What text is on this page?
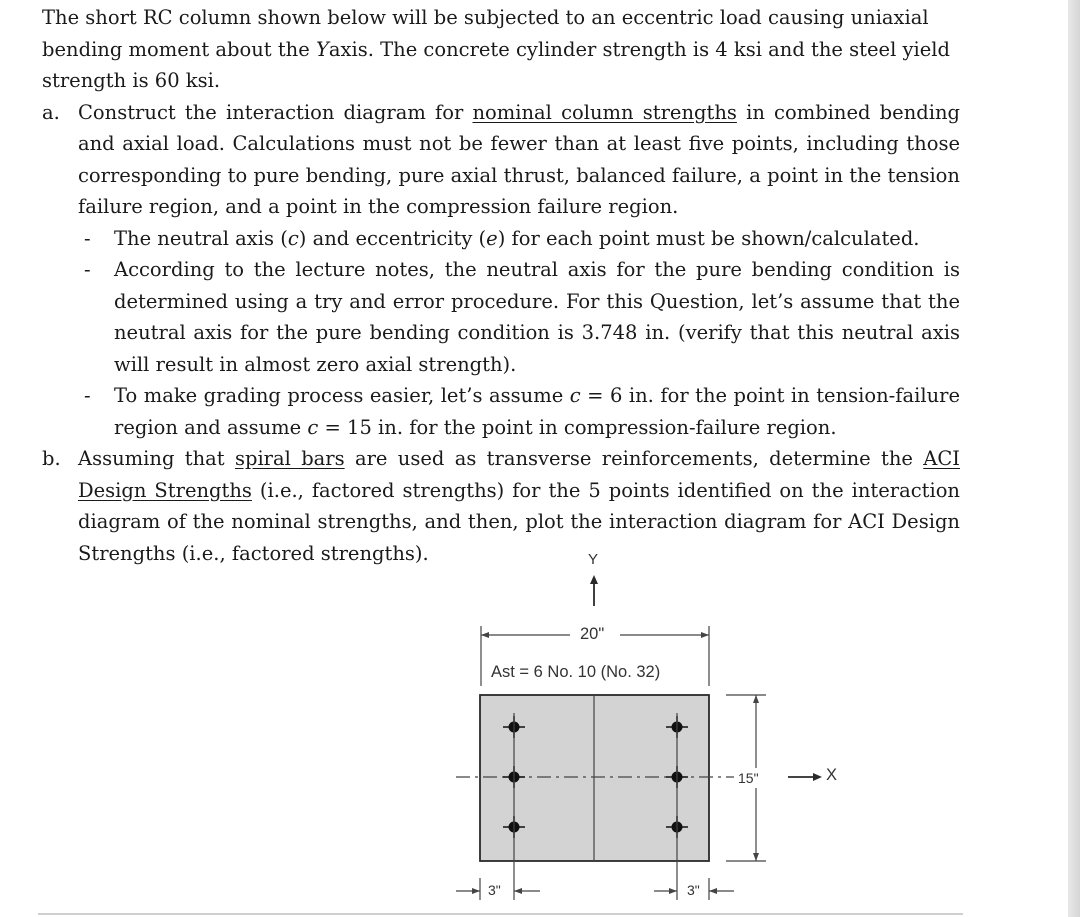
The short RC column shown below will be subjected to an eccentric load causing uniaxial
bending moment about the Yaxis. The concrete cylinder strength is 4 ksi and the steel yield
strength is 60 ksi.
a. Construct the interaction diagram for nominal column strengths in combined bending and axial load. Calculations must not be fewer than at least five points, including those corresponding to pure bending, pure axial thrust, balanced failure, a point in the tension failure region, and a point in the compression failure region.
- The neutral axis (c) and eccentricity (e) for each point must be shown/calculated.
- According to the lecture notes, the neutral axis for the pure bending condition is determined using a try and error procedure. For this Question, let’s assume that the neutral axis for the pure bending condition is 3.748 in. (verify that this neutral axis will result in almost zero axial strength).
- To make grading process easier, let’s assume c = 6 in. for the point in tension-failure region and assume c = 15 in. for the point in compression-failure region.
b. Assuming that spiral bars are used as transverse reinforcements, determine the ACI Design Strengths (i.e., factored strengths) for the 5 points identified on the interaction diagram of the nominal strengths, and then, plot the interaction diagram for ACI Design Strengths (i.e., factored strengths).	Y
20"
Ast = 6 No. 10 (No. 32)
15"	X
3"	3"
